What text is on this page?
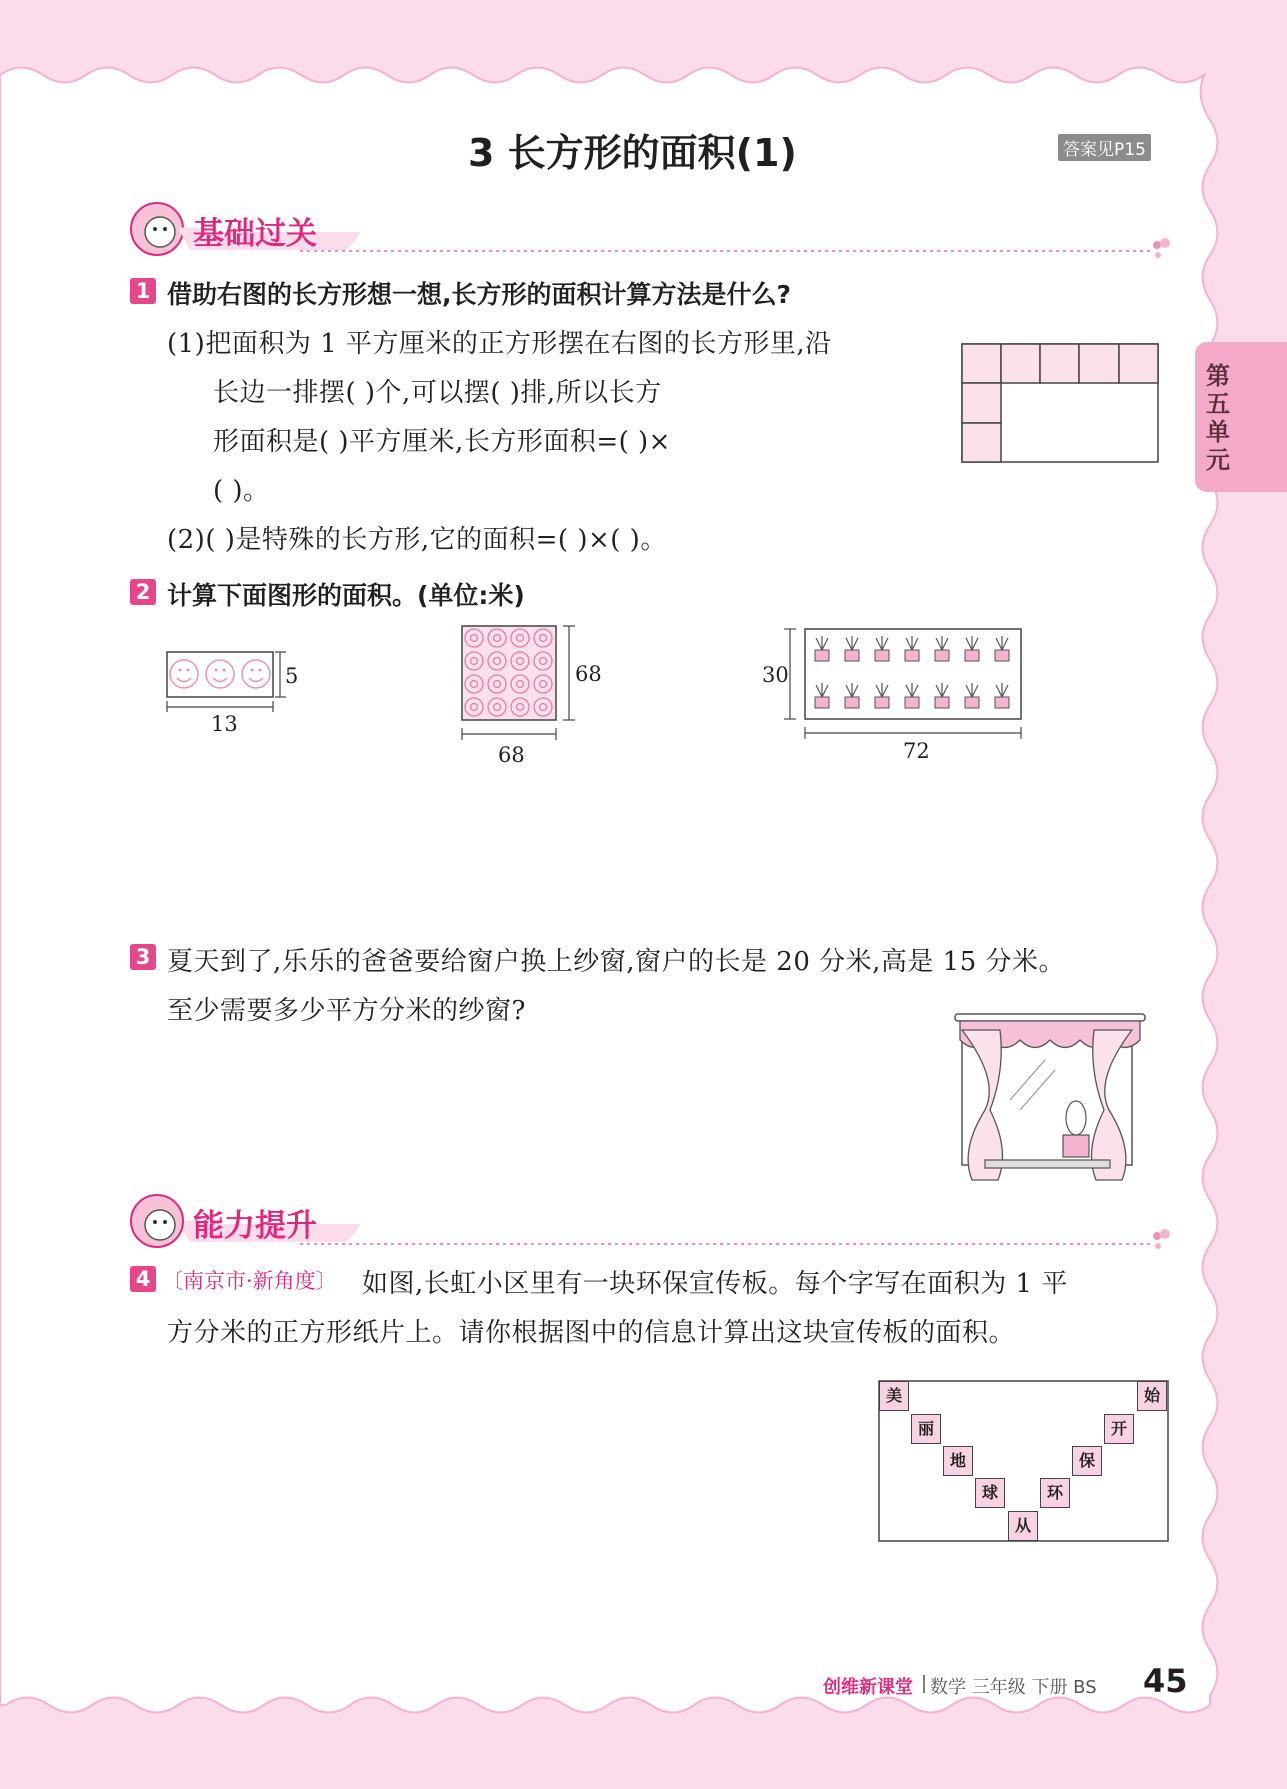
3 长方形的面积(1)	答案见P15
第五单元
基础过关
1 借助右图的长方形想一想,长方形的面积计算方法是什么?
(1)把面积为 1 平方厘米的正方形摆在右图的长方形里,沿
长边一排摆( )个,可以摆( )排,所以长方
形面积是( )平方厘米,长方形面积=( )×
( )。
(2)( )是特殊的长方形,它的面积=( )×( )。
2 计算下面图形的面积。(单位:米)
13
5
68
68
72
30
3 夏天到了,乐乐的爸爸要给窗户换上纱窗,窗户的长是 20 分米,高是 15 分米。
至少需要多少平方分米的纱窗?
能力提升
4 〔南京市·新角度〕 如图,长虹小区里有一块环保宣传板。每个字写在面积为 1 平
方分米的正方形纸片上。请你根据图中的信息计算出这块宣传板的面积。
美
丽
地
球
从
环
保
开
始
创维新课堂 数学 三年级 下册 BS 45
